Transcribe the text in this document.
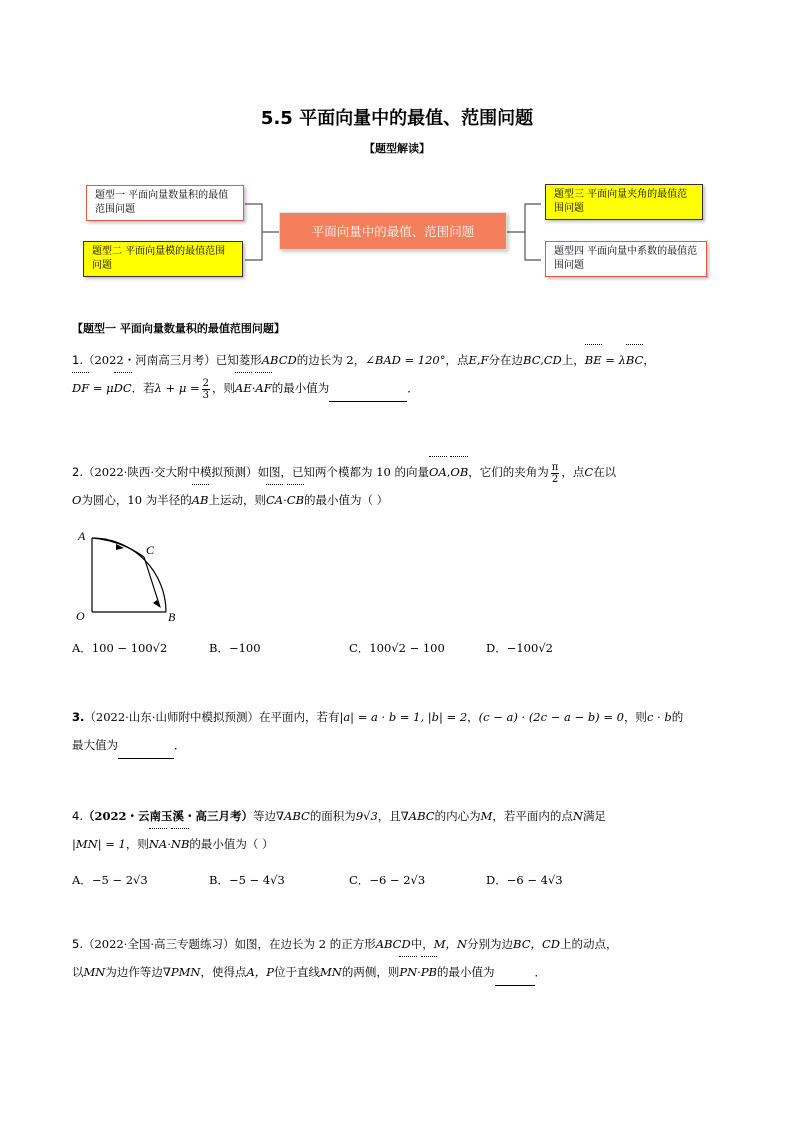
5.5 平面向量中的最值、范围问题
【题型解读】
题型一 平面向量数量积的最值范围问题
题型二 平面向量模的最值范围问题
平面向量中的最值、范围问题
题型三 平面向量夹角的最值范围问题
题型四 平面向量中系数的最值范围问题
【题型一 平面向量数量积的最值范围问题】
1.（2022・河南高三月考）已知菱形ABCD的边长为 2，∠BAD = 120°，点E,F分在边BC,CD上，BE = λBC，
DF = μDC．若$\lambda + \mu = \frac{2}{3}$ ，则AE·AF的最小值为	．
2.（2022·陕西·交大附中模拟预测）如图，已知两个模都为 10 的向量OA,OB，它们的夹角为 $\frac{\pi}{2}$ ，点C在以
O为圆心，10 为半径的AB上运动，则CA·CB的最小值为（ ）
A
C
O	B
A．100 − 100√2	B．−100	C．100√2 − 100	D．−100√2
3.（2022·山东·山师附中模拟预测）在平面内，若有|a| = a · b = 1, |b| = 2，(c − a) · (2c − a − b) = 0，则c · b的
最大值为	．
4.（2022・云南玉溪・高三月考）等边∇ABC的面积为9√3，且∇ABC的内心为M，若平面内的点N满足
|MN| = 1，则NA·NB的最小值为（ ）
A．−5 − 2√3	B．−5 − 4√3	C．−6 − 2√3	D．−6 − 4√3
5.（2022·全国·高三专题练习）如图，在边长为 2 的正方形ABCD中，M，N分别为边BC，CD上的动点，
以MN为边作等边∇PMN，使得点A，P位于直线MN的两侧，则PN·PB的最小值为	．
